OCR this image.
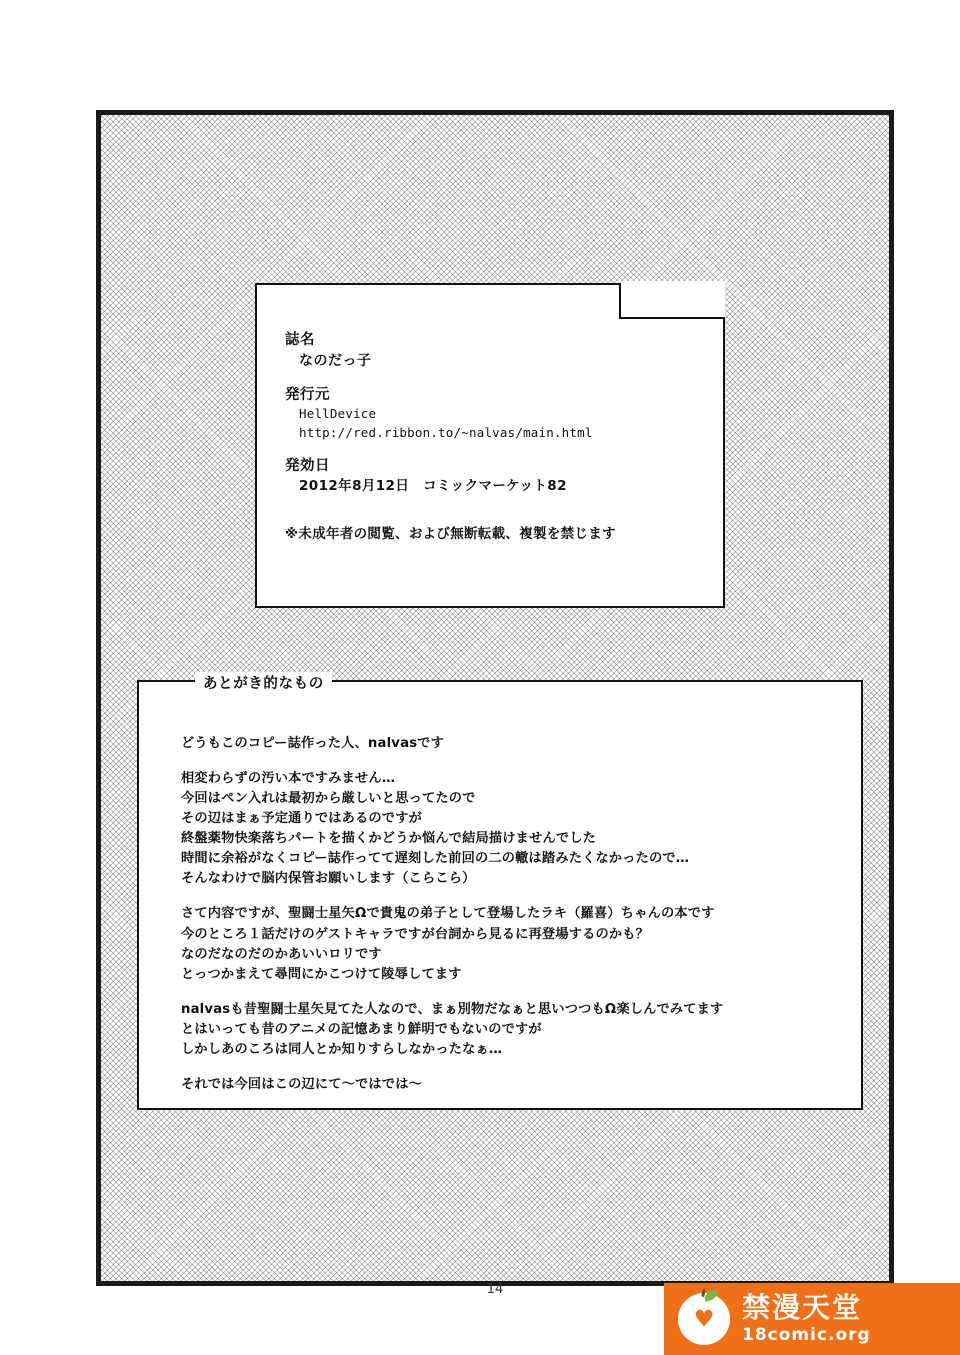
誌名
なのだっ子
発行元
HellDevice
http://red.ribbon.to/~nalvas/main.html
発効日
2012年8月12日　コミックマーケット82
※未成年者の閲覧、および無断転載、複製を禁じます
あとがき的なもの

どうもこのコピー誌作った人、nalvasです

相変わらずの汚い本ですみません…

今回はペン入れは最初から厳しいと思ってたので

その辺はまぁ予定通りではあるのですが

終盤薬物快楽落ちパートを描くかどうか悩んで結局描けませんでした

時間に余裕がなくコピー誌作ってて遅刻した前回の二の轍は踏みたくなかったので…

そんなわけで脳内保管お願いします（こらこら）

さて内容ですが、聖闘士星矢Ωで貴鬼の弟子として登場したラキ（羅喜）ちゃんの本です

今のところ１話だけのゲストキャラですが台詞から見るに再登場するのかも？

なのだなのだのかあいいロリです

とっつかまえて尋問にかこつけて陵辱してます

nalvasも昔聖闘士星矢見てた人なので、まぁ別物だなぁと思いつつもΩ楽しんでみてます

とはいっても昔のアニメの記憶あまり鮮明でもないのですが

しかしあのころは同人とか知りすらしなかったなぁ…

それでは今回はこの辺にて～ではでは～

14
♥ 禁漫天堂
18comic.org
